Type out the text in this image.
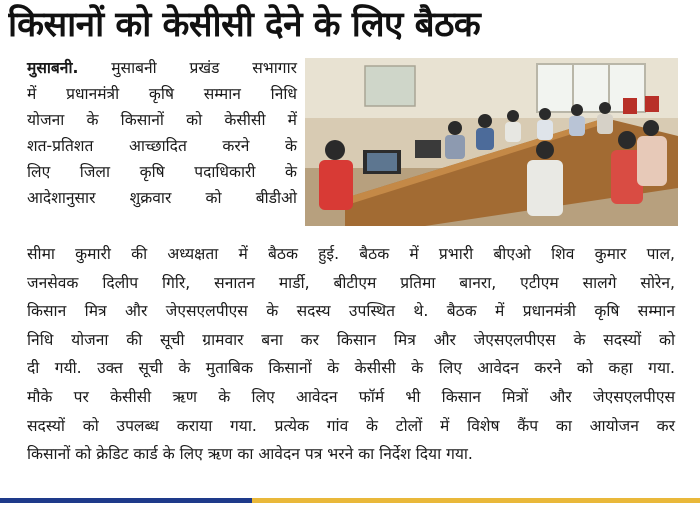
किसानों को केसीसी देने के लिए बैठक
मुसाबनी. मुसाबनी प्रखंड सभागार
में प्रधानमंत्री कृषि सम्मान निधि
योजना के किसानों को केसीसी में
शत-प्रतिशत आच्छादित करने के
लिए जिला कृषि पदाधिकारी के
आदेशानुसार शुक्रवार को बीडीओ
सीमा कुमारी की अध्यक्षता में बैठक हुई. बैठक में प्रभारी बीएओ शिव कुमार पाल,
जनसेवक दिलीप गिरि, सनातन मार्डी, बीटीएम प्रतिमा बानरा, एटीएम सालगे सोरेन,
किसान मित्र और जेएसएलपीएस के सदस्य उपस्थित थे. बैठक में प्रधानमंत्री कृषि सम्मान
निधि योजना की सूची ग्रामवार बना कर किसान मित्र और जेएसएलपीएस के सदस्यों को
दी गयी. उक्त सूची के मुताबिक किसानों के केसीसी के लिए आवेदन करने को कहा गया.
मौके पर केसीसी ऋण के लिए आवेदन फॉर्म भी किसान मित्रों और जेएसएलपीएस
सदस्यों को उपलब्ध कराया गया. प्रत्येक गांव के टोलों में विशेष कैंप का आयोजन कर
किसानों को क्रेडिट कार्ड के लिए ऋण का आवेदन पत्र भरने का निर्देश दिया गया.
